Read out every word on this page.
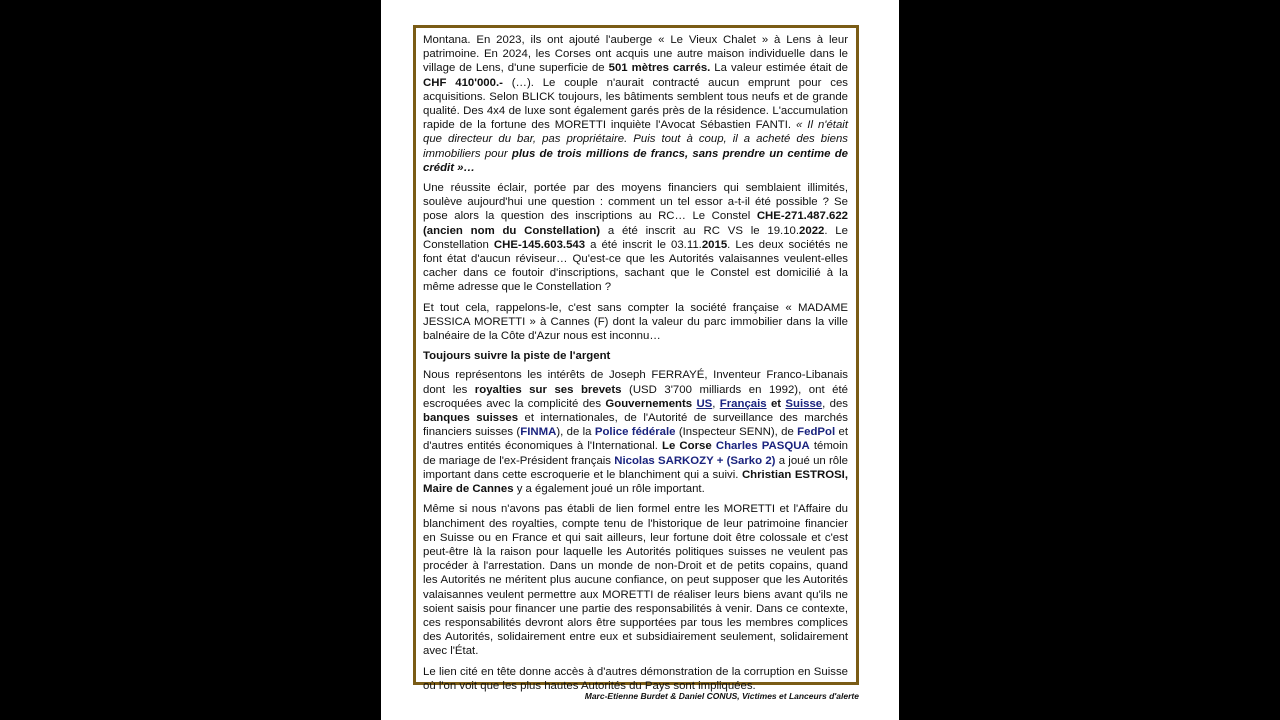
Montana. En 2023, ils ont ajouté l'auberge « Le Vieux Chalet » à Lens à leur patrimoine. En 2024, les Corses ont acquis une autre maison individuelle dans le village de Lens, d'une superficie de 501 mètres carrés. La valeur estimée était de CHF 410'000.- (…). Le couple n'aurait contracté aucun emprunt pour ces acquisitions. Selon BLICK toujours, les bâtiments semblent tous neufs et de grande qualité. Des 4x4 de luxe sont également garés près de la résidence. L'accumulation rapide de la fortune des MORETTI inquiète l'Avocat Sébastien FANTI. « Il n'était que directeur du bar, pas propriétaire. Puis tout à coup, il a acheté des biens immobiliers pour plus de trois millions de francs, sans prendre un centime de crédit »…

Une réussite éclair, portée par des moyens financiers qui semblaient illimités, soulève aujourd'hui une question : comment un tel essor a-t-il été possible ? Se pose alors la question des inscriptions au RC… Le Constel CHE-271.487.622 (ancien nom du Constellation) a été inscrit au RC VS le 19.10.2022. Le Constellation CHE-145.603.543 a été inscrit le 03.11.2015. Les deux sociétés ne font état d'aucun réviseur… Qu'est-ce que les Autorités valaisannes veulent-elles cacher dans ce foutoir d'inscriptions, sachant que le Constel est domicilié à la même adresse que le Constellation ?

Et tout cela, rappelons-le, c'est sans compter la société française « MADAME JESSICA MORETTI » à Cannes (F) dont la valeur du parc immobilier dans la ville balnéaire de la Côte d'Azur nous est inconnu…

Toujours suivre la piste de l'argent

Nous représentons les intérêts de Joseph FERRAYÉ, Inventeur Franco-Libanais dont les royalties sur ses brevets (USD 3'700 milliards en 1992), ont été escroquées avec la complicité des Gouvernements US, Français et Suisse, des banques suisses et internationales, de l'Autorité de surveillance des marchés financiers suisses (FINMA), de la Police fédérale (Inspecteur SENN), de FedPol et d'autres entités économiques à l'International. Le Corse Charles PASQUA témoin de mariage de l'ex-Président français Nicolas SARKOZY + (Sarko 2) a joué un rôle important dans cette escroquerie et le blanchiment qui a suivi. Christian ESTROSI, Maire de Cannes y a également joué un rôle important.

Même si nous n'avons pas établi de lien formel entre les MORETTI et l'Affaire du blanchiment des royalties, compte tenu de l'historique de leur patrimoine financier en Suisse ou en France et qui sait ailleurs, leur fortune doit être colossale et c'est peut-être là la raison pour laquelle les Autorités politiques suisses ne veulent pas procéder à l'arrestation. Dans un monde de non-Droit et de petits copains, quand les Autorités ne méritent plus aucune confiance, on peut supposer que les Autorités valaisannes veulent permettre aux MORETTI de réaliser leurs biens avant qu'ils ne soient saisis pour financer une partie des responsabilités à venir. Dans ce contexte, ces responsabilités devront alors être supportées par tous les membres complices des Autorités, solidairement entre eux et subsidiairement seulement, solidairement avec l'État.

Le lien cité en tête donne accès à d'autres démonstration de la corruption en Suisse où l'on voit que les plus hautes Autorités du Pays sont impliquées.

Marc-Etienne Burdet & Daniel CONUS, Victimes et Lanceurs d'alerte
